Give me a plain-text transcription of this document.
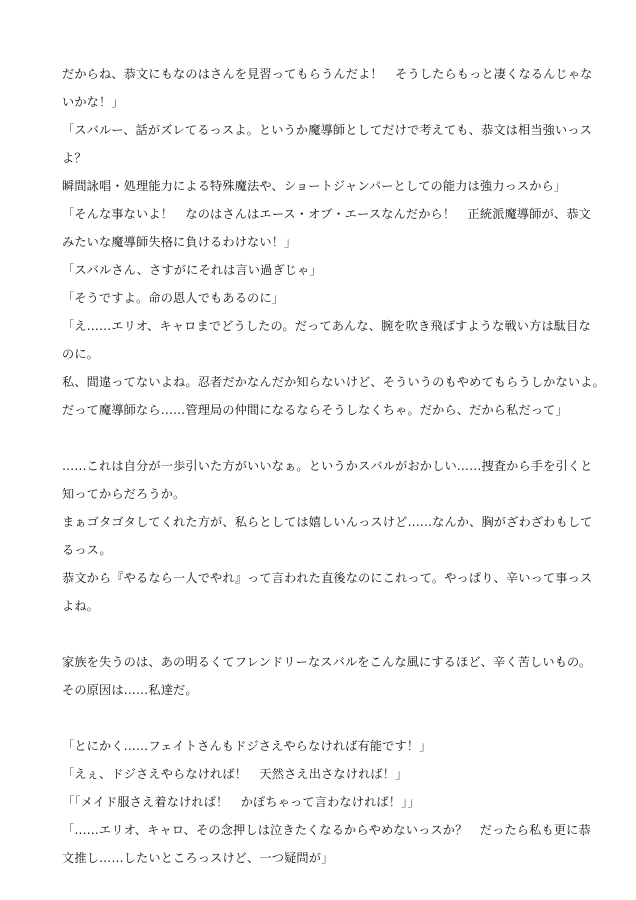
だからね、恭文にもなのはさんを見習ってもらうんだよ！　そうしたらもっと凄くなるんじゃな
いかな！」
「スバルー、話がズレてるっスよ。というか魔導師としてだけで考えても、恭文は相当強いっス
よ？
瞬間詠唱・処理能力による特殊魔法や、ショートジャンパーとしての能力は強力っスから」
「そんな事ないよ！　なのはさんはエース・オブ・エースなんだから！　正統派魔導師が、恭文
みたいな魔導師失格に負けるわけない！」
「スバルさん、さすがにそれは言い過ぎじゃ」
「そうですよ。命の恩人でもあるのに」
「え……エリオ、キャロまでどうしたの。だってあんな、腕を吹き飛ばすような戦い方は駄目な
のに。
私、間違ってないよね。忍者だかなんだか知らないけど、そういうのもやめてもらうしかないよ。
だって魔導師なら……管理局の仲間になるならそうしなくちゃ。だから、だから私だって」
……これは自分が一歩引いた方がいいなぁ。というかスバルがおかしい……捜査から手を引くと
知ってからだろうか。
まぁゴタゴタしてくれた方が、私らとしては嬉しいんっスけど……なんか、胸がざわざわもして
るっス。
恭文から『やるなら一人でやれ』って言われた直後なのにこれって。やっぱり、辛いって事っス
よね。
家族を失うのは、あの明るくてフレンドリーなスバルをこんな風にするほど、辛く苦しいもの。
その原因は……私達だ。
「とにかく……フェイトさんもドジさえやらなければ有能です！」
「えぇ、ドジさえやらなければ！　天然さえ出さなければ！」
「「メイド服さえ着なければ！　かぽちゃって言わなければ！」」
「……エリオ、キャロ、その念押しは泣きたくなるからやめないっスか？　だったら私も更に恭
文推し……したいところっスけど、一つ疑問が」
